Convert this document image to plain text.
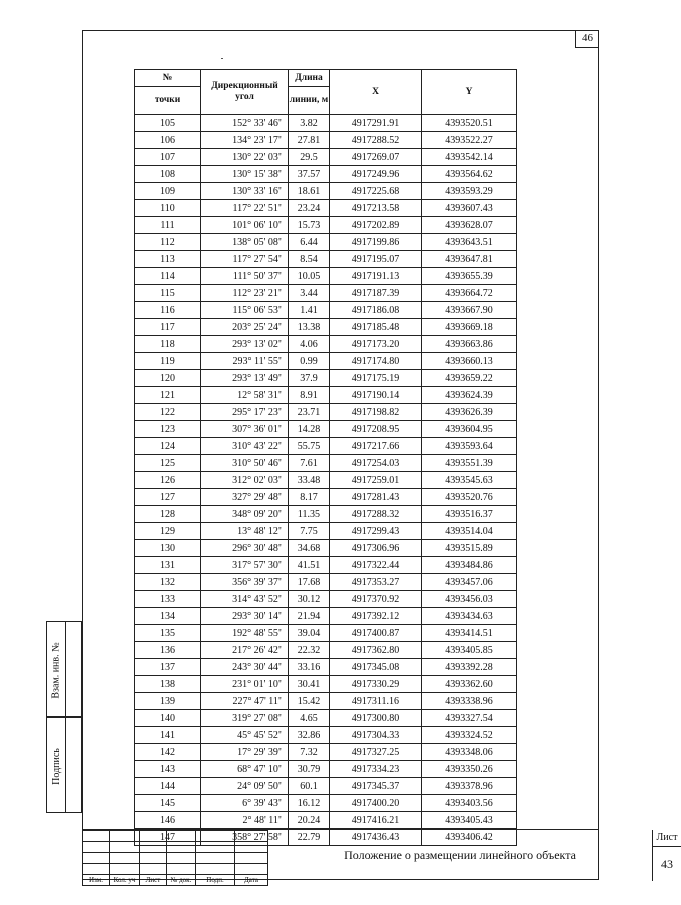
46
Взам. инв. №
Подпись
№	Дирекционный угол	Длина	X	Y
точки		линии, м		
105	152° 33' 46"	3.82	4917291.91	4393520.51
106	134° 23' 17"	27.81	4917288.52	4393522.27
107	130° 22' 03"	29.5	4917269.07	4393542.14
108	130° 15' 38"	37.57	4917249.96	4393564.62
109	130° 33' 16"	18.61	4917225.68	4393593.29
110	117° 22' 51"	23.24	4917213.58	4393607.43
111	101° 06' 10"	15.73	4917202.89	4393628.07
112	138° 05' 08"	6.44	4917199.86	4393643.51
113	117° 27' 54"	8.54	4917195.07	4393647.81
114	111° 50' 37"	10.05	4917191.13	4393655.39
115	112° 23' 21"	3.44	4917187.39	4393664.72
116	115° 06' 53"	1.41	4917186.08	4393667.90
117	203° 25' 24"	13.38	4917185.48	4393669.18
118	293° 13' 02"	4.06	4917173.20	4393663.86
119	293° 11' 55"	0.99	4917174.80	4393660.13
120	293° 13' 49"	37.9	4917175.19	4393659.22
121	12° 58' 31"	8.91	4917190.14	4393624.39
122	295° 17' 23"	23.71	4917198.82	4393626.39
123	307° 36' 01"	14.28	4917208.95	4393604.95
124	310° 43' 22"	55.75	4917217.66	4393593.64
125	310° 50' 46"	7.61	4917254.03	4393551.39
126	312° 02' 03"	33.48	4917259.01	4393545.63
127	327° 29' 48"	8.17	4917281.43	4393520.76
128	348° 09' 20"	11.35	4917288.32	4393516.37
129	13° 48' 12"	7.75	4917299.43	4393514.04
130	296° 30' 48"	34.68	4917306.96	4393515.89
131	317° 57' 30"	41.51	4917322.44	4393484.86
132	356° 39' 37"	17.68	4917353.27	4393457.06
133	314° 43' 52"	30.12	4917370.92	4393456.03
134	293° 30' 14"	21.94	4917392.12	4393434.63
135	192° 48' 55"	39.04	4917400.87	4393414.51
136	217° 26' 42"	22.32	4917362.80	4393405.85
137	243° 30' 44"	33.16	4917345.08	4393392.28
138	231° 01' 10"	30.41	4917330.29	4393362.60
139	227° 47' 11"	15.42	4917311.16	4393338.96
140	319° 27' 08"	4.65	4917300.80	4393327.54
141	45° 45' 52"	32.86	4917304.33	4393324.52
142	17° 29' 39"	7.32	4917327.25	4393348.06
143	68° 47' 10"	30.79	4917334.23	4393350.26
144	24° 09' 50"	60.1	4917345.37	4393378.96
145	6° 39' 43"	16.12	4917400.20	4393403.56
146	2° 48' 11"	20.24	4917416.21	4393405.43
147	358° 27' 58"	22.79	4917436.43	4393406.42

Изм.	Кол. уч	Лист	№ док.	Подп.	Дата
Положение о размещении линейного объекта
Лист
43
